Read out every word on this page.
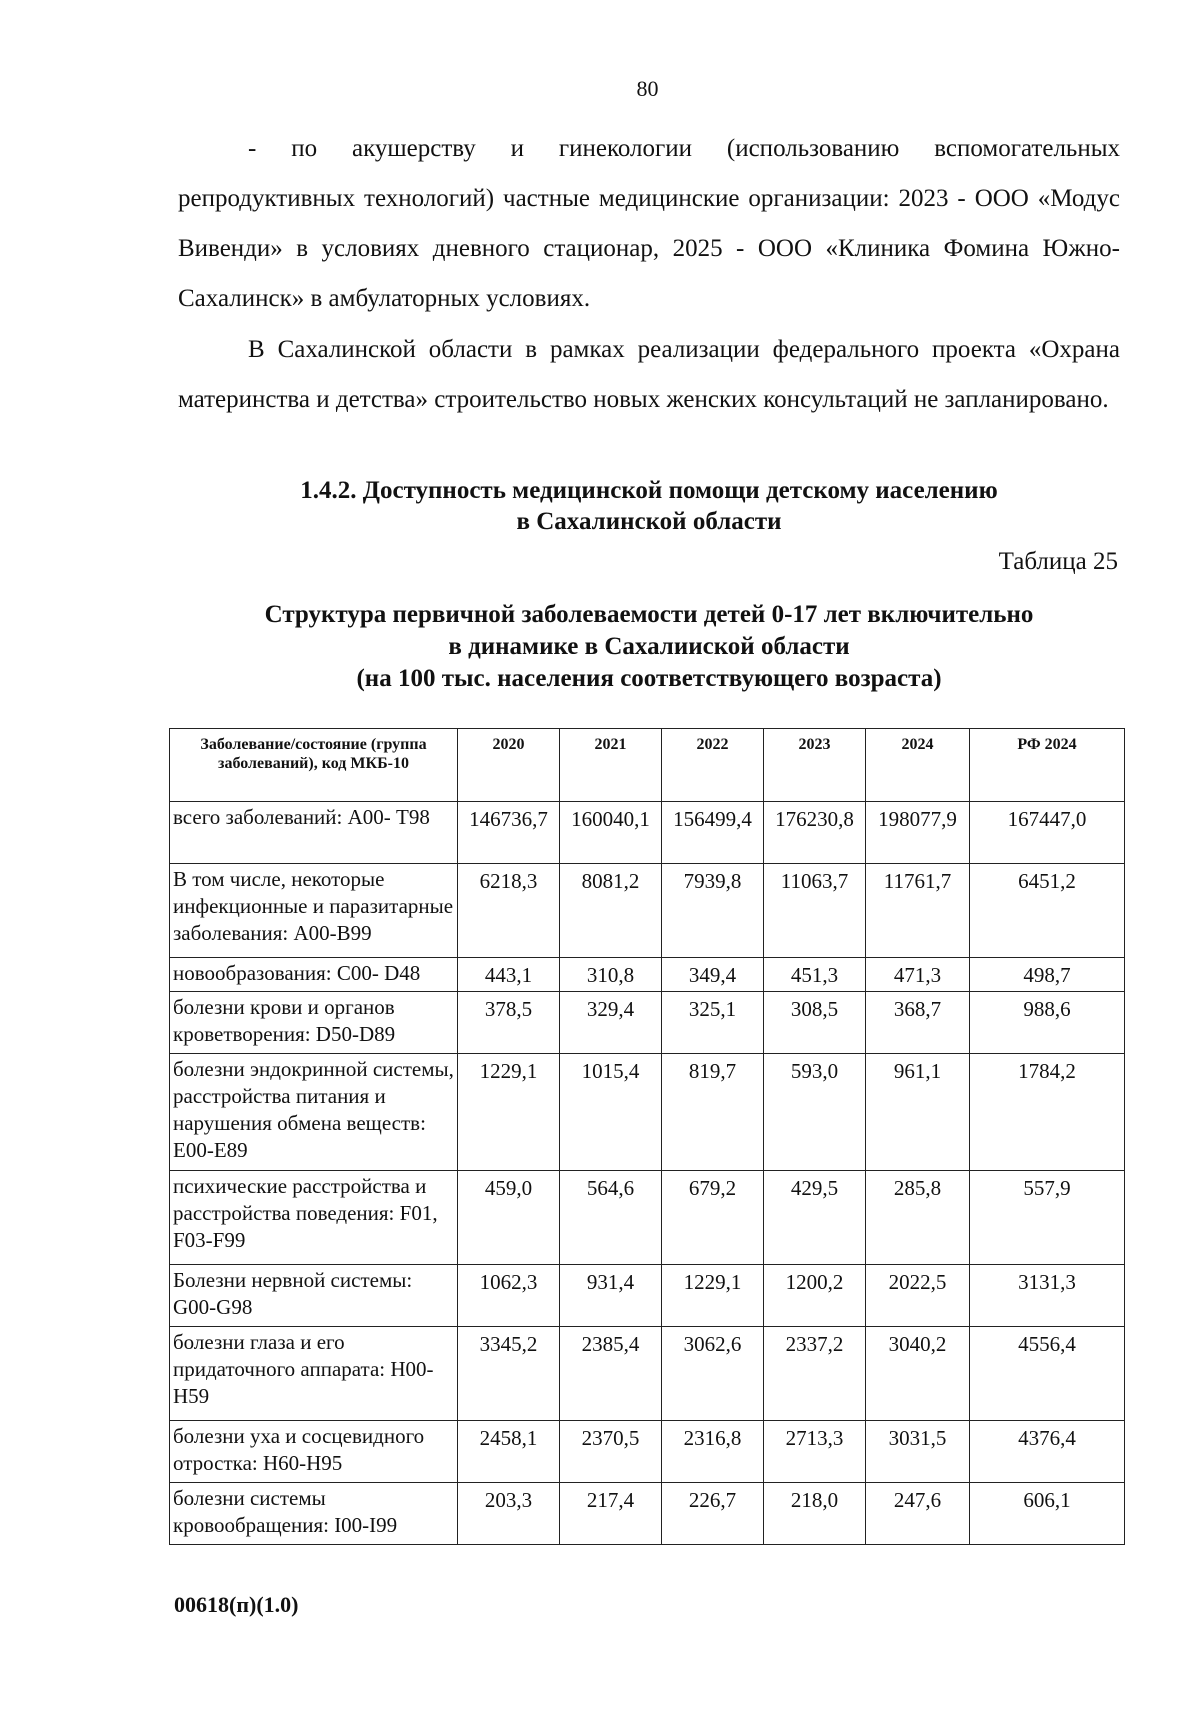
80

- по акушерству и гинекологии (использованию вспомогательных репродуктивных технологий) частные медицинские организации: 2023 - ООО «Модус Вивенди» в условиях дневного стационар, 2025 - ООО «Клиника Фомина Южно-Сахалинск» в амбулаторных условиях.

В Сахалинской области в рамках реализации федерального проекта «Охрана материнства и детства» строительство новых женских консультаций не запланировано.

1.4.2. Доступность медицинской помощи детскому иаселению
в Сахалинской области
Таблица 25
Структура первичной заболеваемости детей 0-17 лет включительно
в динамике в Сахалииской области
(на 100 тыс. населения соответствующего возраста)
Заболевание/состояние (группа заболеваний), код МКБ-10	2020	2021	2022	2023	2024	РФ 2024
всего заболеваний: А00- Т98	146736,7	160040,1	156499,4	176230,8	198077,9	167447,0
В том числе, некоторые инфекционные и паразитарные заболевания: А00-В99	6218,3	8081,2	7939,8	11063,7	11761,7	6451,2
новообразования: С00- D48	443,1	310,8	349,4	451,3	471,3	498,7
болезни крови и органов кроветворения: D50-D89	378,5	329,4	325,1	308,5	368,7	988,6
болезни эндокринной системы, расстройства питания и нарушения обмена веществ: Е00-Е89	1229,1	1015,4	819,7	593,0	961,1	1784,2
психические расстройства и расстройства поведения: F01, F03-F99	459,0	564,6	679,2	429,5	285,8	557,9
Болезни нервной системы: G00-G98	1062,3	931,4	1229,1	1200,2	2022,5	3131,3
болезни глаза и его придаточного аппарата: Н00-Н59	3345,2	2385,4	3062,6	2337,2	3040,2	4556,4
болезни уха и сосцевидного отростка: Н60-Н95	2458,1	2370,5	2316,8	2713,3	3031,5	4376,4
болезни системы кровообращения: I00-I99	203,3	217,4	226,7	218,0	247,6	606,1
00618(п)(1.0)
